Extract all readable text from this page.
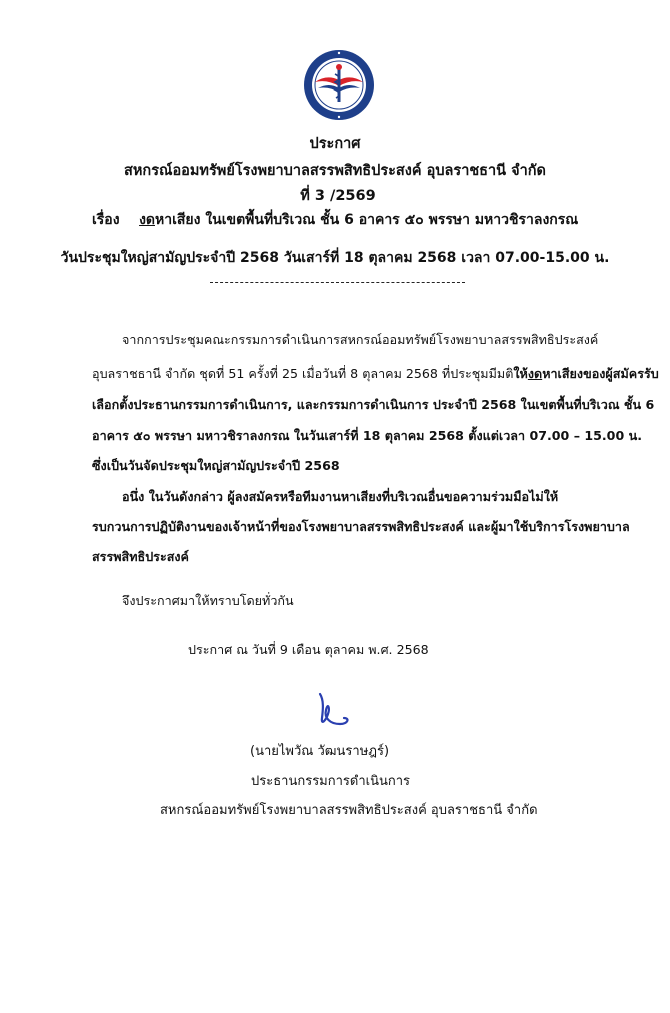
ประกาศ
สหกรณ์ออมทรัพย์โรงพยาบาลสรรพสิทธิประสงค์ อุบลราชธานี จำกัด
ที่ 3 /2569
เรื่อง งดหาเสียง ในเขตพื้นที่บริเวณ ชั้น 6 อาคาร ๕๐ พรรษา มหาวชิราลงกรณ
วันประชุมใหญ่สามัญประจำปี 2568 วันเสาร์ที่ 18 ตุลาคม 2568 เวลา 07.00-15.00 น.
จากการประชุมคณะกรรมการดำเนินการสหกรณ์ออมทรัพย์โรงพยาบาลสรรพสิทธิประสงค์
อุบลราชธานี จำกัด ชุดที่ 51 ครั้งที่ 25 เมื่อวันที่ 8 ตุลาคม 2568 ที่ประชุมมีมติให้งดหาเสียงของผู้สมัครรับ
เลือกตั้งประธานกรรมการดำเนินการ, และกรรมการดำเนินการ ประจำปี 2568 ในเขตพื้นที่บริเวณ ชั้น 6
อาคาร ๕๐ พรรษา มหาวชิราลงกรณ ในวันเสาร์ที่ 18 ตุลาคม 2568 ตั้งแต่เวลา 07.00 – 15.00 น.
ซึ่งเป็นวันจัดประชุมใหญ่สามัญประจำปี 2568
อนึ่ง ในวันดังกล่าว ผู้ลงสมัครหรือทีมงานหาเสียงที่บริเวณอื่นขอความร่วมมือไม่ให้
รบกวนการปฏิบัติงานของเจ้าหน้าที่ของโรงพยาบาลสรรพสิทธิประสงค์ และผู้มาใช้บริการโรงพยาบาล
สรรพสิทธิประสงค์
จึงประกาศมาให้ทราบโดยทั่วกัน
ประกาศ ณ วันที่ 9 เดือน ตุลาคม พ.ศ. 2568
(นายไพวัณ วัฒนราษฎร์)
ประธานกรรมการดำเนินการ
สหกรณ์ออมทรัพย์โรงพยาบาลสรรพสิทธิประสงค์ อุบลราชธานี จำกัด
